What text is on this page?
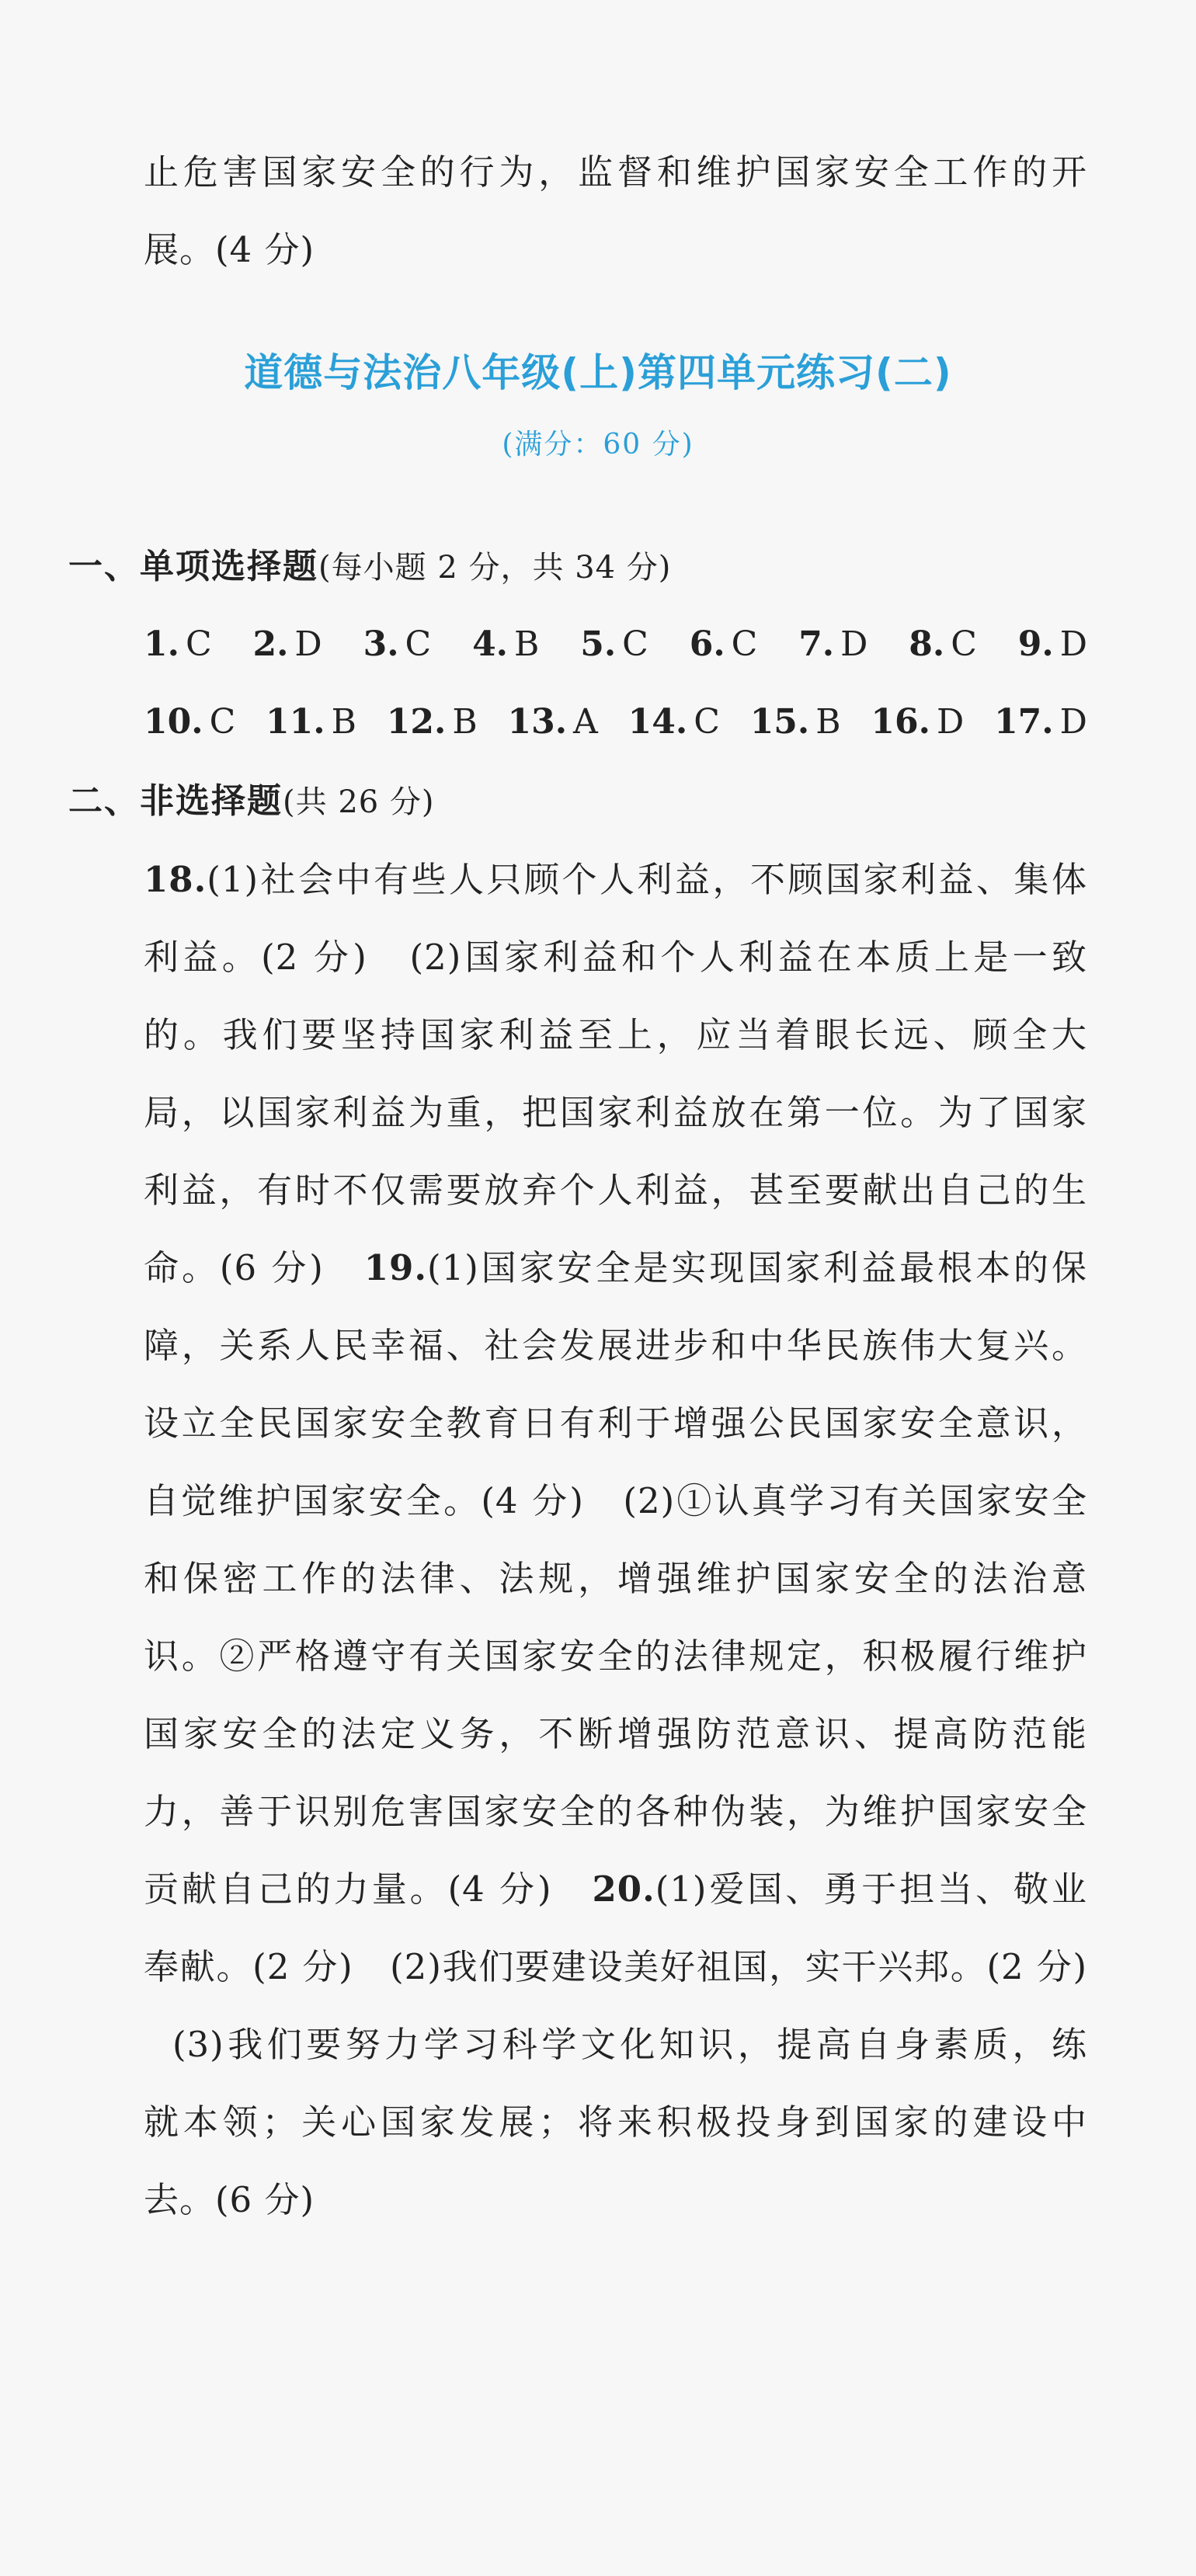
止危害国家安全的行为，监督和维护国家安全工作的开
展。(4 分)
道德与法治八年级(上)第四单元练习(二)
(满分：60 分)
一、单项选择题(每小题 2 分，共 34 分)
1. C 2. D 3. C 4. B 5. C 6. C 7. D 8. C 9. D
10. C 11. B 12. B 13. A 14. C 15. B 16. D 17. D
二、非选择题(共 26 分)
18.(1)社会中有些人只顾个人利益，不顾国家利益、集体
利益。(2 分)　(2)国家利益和个人利益在本质上是一致
的。我们要坚持国家利益至上，应当着眼长远、顾全大
局，以国家利益为重，把国家利益放在第一位。为了国家
利益，有时不仅需要放弃个人利益，甚至要献出自己的生
命。(6 分)　19.(1)国家安全是实现国家利益最根本的保
障，关系人民幸福、社会发展进步和中华民族伟大复兴。
设立全民国家安全教育日有利于增强公民国家安全意识，
自觉维护国家安全。(4 分)　(2)①认真学习有关国家安全
和保密工作的法律、法规，增强维护国家安全的法治意
识。②严格遵守有关国家安全的法律规定，积极履行维护
国家安全的法定义务，不断增强防范意识、提高防范能
力，善于识别危害国家安全的各种伪装，为维护国家安全
贡献自己的力量。(4 分)　20.(1)爱国、勇于担当、敬业
奉献。(2 分)　(2)我们要建设美好祖国，实干兴邦。(2 分)
(3)我们要努力学习科学文化知识，提高自身素质，练
就本领；关心国家发展；将来积极投身到国家的建设中
去。(6 分)
